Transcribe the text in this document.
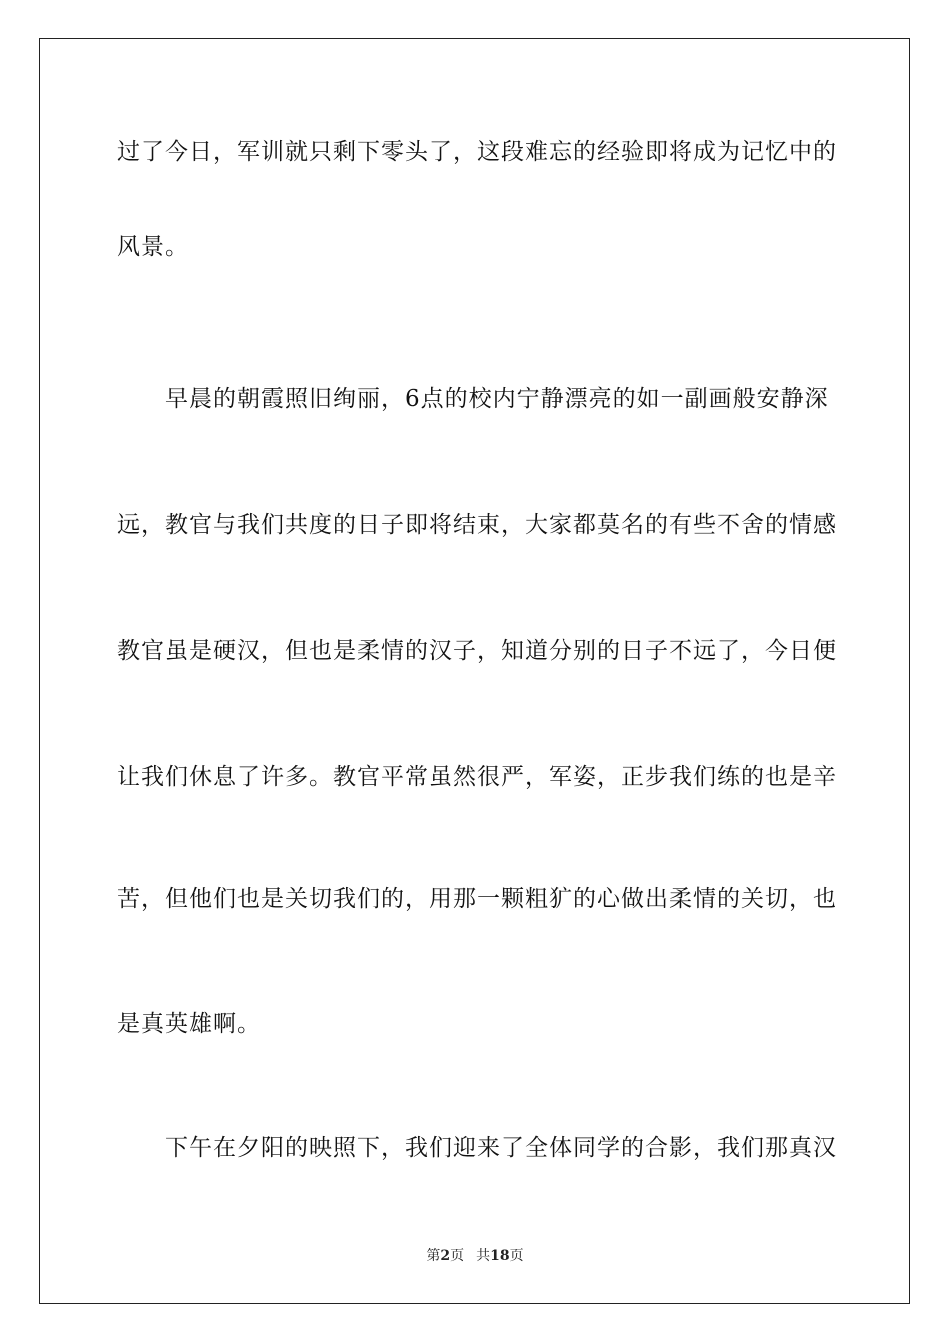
过了今日，军训就只剩下零头了，这段难忘的经验即将成为记忆中的
风景。
早晨的朝霞照旧绚丽，6点的校内宁静漂亮的如一副画般安静深
远，教官与我们共度的日子即将结束，大家都莫名的有些不舍的情感
教官虽是硬汉，但也是柔情的汉子，知道分别的日子不远了，今日便
让我们休息了许多。教官平常虽然很严，军姿，正步我们练的也是辛
苦，但他们也是关切我们的，用那一颗粗犷的心做出柔情的关切，也
是真英雄啊。
下午在夕阳的映照下，我们迎来了全体同学的合影，我们那真汉
第2页 共18页
